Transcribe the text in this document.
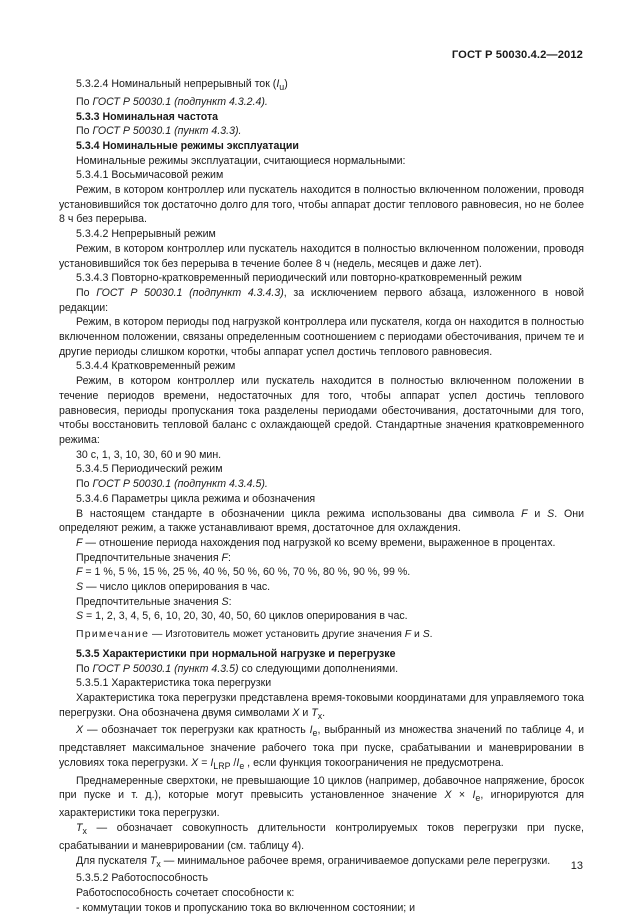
ГОСТ Р 50030.4.2—2012

5.3.2.4 Номинальный непрерывный ток $(I_u)$

По ГОСТ Р 50030.1 (подпункт 4.3.2.4).

5.3.3 Номинальная частота

По ГОСТ Р 50030.1 (пункт 4.3.3).

5.3.4 Номинальные режимы эксплуатации

Номинальные режимы эксплуатации, считающиеся нормальными:

5.3.4.1 Восьмичасовой режим

Режим, в котором контроллер или пускатель находится в полностью включенном положении, проводя установившийся ток достаточно долго для того, чтобы аппарат достиг теплового равновесия, но не более 8 ч без перерыва.

5.3.4.2 Непрерывный режим

Режим, в котором контроллер или пускатель находится в полностью включенном положении, проводя установившийся ток без перерыва в течение более 8 ч (недель, месяцев и даже лет).

5.3.4.3 Повторно-кратковременный периодический или повторно-кратковременный режим

По ГОСТ Р 50030.1 (подпункт 4.3.4.3), за исключением первого абзаца, изложенного в новой редакции:

Режим, в котором периоды под нагрузкой контроллера или пускателя, когда он находится в полностью включенном положении, связаны определенным соотношением с периодами обесточивания, причем те и другие периоды слишком коротки, чтобы аппарат успел достичь теплового равновесия.

5.3.4.4 Кратковременный режим

Режим, в котором контроллер или пускатель находится в полностью включенном положении в течение периодов времени, недостаточных для того, чтобы аппарат успел достичь теплового равновесия, периоды пропускания тока разделены периодами обесточивания, достаточными для того, чтобы восстановить тепловой баланс с охлаждающей средой. Стандартные значения кратковременного режима:

30 с, 1, 3, 10, 30, 60 и 90 мин.

5.3.4.5 Периодический режим

По ГОСТ Р 50030.1 (подпункт 4.3.4.5).

5.3.4.6 Параметры цикла режима и обозначения

В настоящем стандарте в обозначении цикла режима использованы два символа F и S. Они определяют режим, а также устанавливают время, достаточное для охлаждения.

F — отношение периода нахождения под нагрузкой ко всему времени, выраженное в процентах.

Предпочтительные значения F:

F = 1 %, 5 %, 15 %, 25 %, 40 %, 50 %, 60 %, 70 %, 80 %, 90 %, 99 %.

S — число циклов оперирования в час.

Предпочтительные значения S:

S = 1, 2, 3, 4, 5, 6, 10, 20, 30, 40, 50, 60 циклов оперирования в час.

Примечание — Изготовитель может установить другие значения F и S.

5.3.5 Характеристики при нормальной нагрузке и перегрузке

По ГОСТ Р 50030.1 (пункт 4.3.5) со следующими дополнениями.

5.3.5.1 Характеристика тока перегрузки

Характеристика тока перегрузки представлена время-токовыми координатами для управляемого тока перегрузки. Она обозначена двумя символами X и $T_x$.

X — обозначает ток перегрузки как кратность $I_e$, выбранный из множества значений по таблице 4, и представляет максимальное значение рабочего тока при пуске, срабатывании и маневрировании в условиях тока перегрузки. $X = I_{LRP}$ $/I_e$ , если функция токоограничения не предусмотрена.

Преднамеренные сверхтоки, не превышающие 10 циклов (например, добавочное напряжение, бросок при пуске и т. д.), которые могут превысить установленное значение $X \times I_e$, игнорируются для характеристики тока перегрузки.

$T_x$ — обозначает совокупность длительности контролируемых токов перегрузки при пуске, срабатывании и маневрировании (см. таблицу 4).

Для пускателя $T_x$ — минимальное рабочее время, ограничиваемое допусками реле перегрузки.

5.3.5.2 Работоспособность

Работоспособность сочетает способности к:

- коммутации токов и пропусканию тока во включенном состоянии; и

13
